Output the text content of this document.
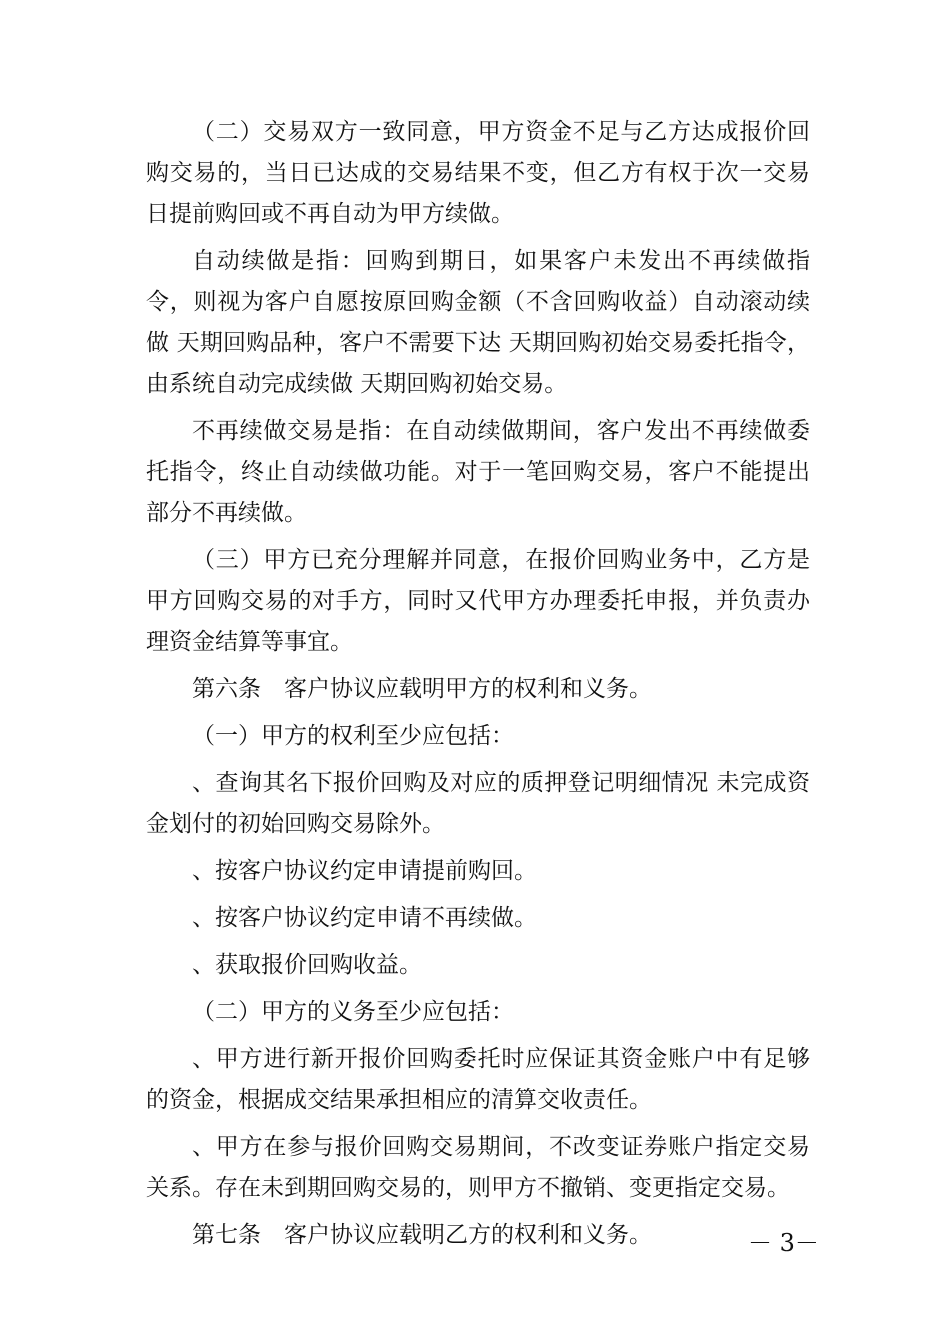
（二）交易双方一致同意，甲方资金不足与乙方达成报价回购交易的，当日已达成的交易结果不变，但乙方有权于次一交易日提前购回或不再自动为甲方续做。

自动续做是指：回购到期日，如果客户未发出不再续做指令，则视为客户自愿按原回购金额（不含回购收益）自动滚动续做 天期回购品种，客户不需要下达 天期回购初始交易委托指令，由系统自动完成续做 天期回购初始交易。

不再续做交易是指：在自动续做期间，客户发出不再续做委托指令，终止自动续做功能。对于一笔回购交易，客户不能提出部分不再续做。

（三）甲方已充分理解并同意，在报价回购业务中，乙方是甲方回购交易的对手方，同时又代甲方办理委托申报，并负责办理资金结算等事宜。

第六条　客户协议应载明甲方的权利和义务。

（一）甲方的权利至少应包括：

、查询其名下报价回购及对应的质押登记明细情况 未完成资金划付的初始回购交易除外。

、按客户协议约定申请提前购回。

、按客户协议约定申请不再续做。

、获取报价回购收益。

（二）甲方的义务至少应包括：

、甲方进行新开报价回购委托时应保证其资金账户中有足够的资金，根据成交结果承担相应的清算交收责任。

、甲方在参与报价回购交易期间，不改变证券账户指定交易关系。存在未到期回购交易的，则甲方不撤销、变更指定交易。

第七条　客户协议应载明乙方的权利和义务。	－ 3－
